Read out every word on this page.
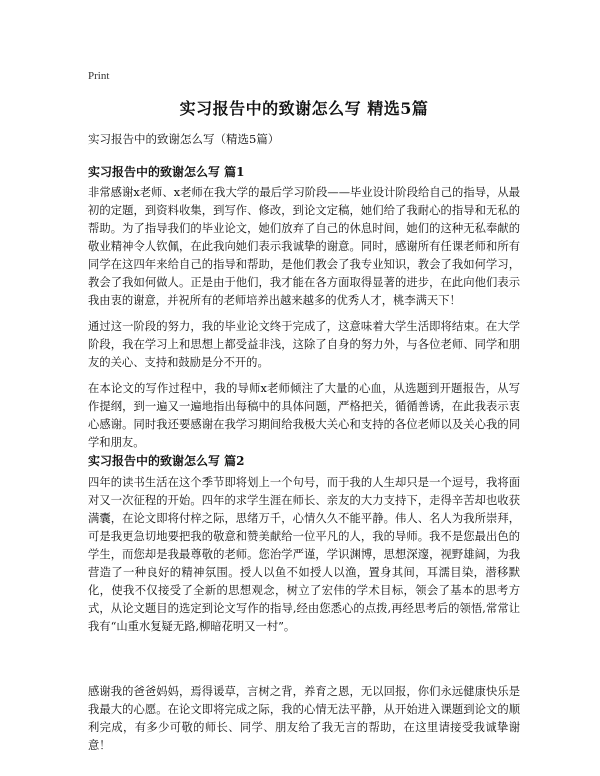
Print
实习报告中的致谢怎么写 精选5篇
实习报告中的致谢怎么写（精选5篇）
实习报告中的致谢怎么写 篇1

非常感谢x老师、x老师在我大学的最后学习阶段——毕业设计阶段给自己的指导，从最初的定题，到资料收集，到写作、修改，到论文定稿，她们给了我耐心的指导和无私的帮助。为了指导我们的毕业论文，她们放弃了自己的休息时间，她们的这种无私奉献的敬业精神令人钦佩，在此我向她们表示我诚挚的谢意。同时，感谢所有任课老师和所有同学在这四年来给自己的指导和帮助，是他们教会了我专业知识，教会了我如何学习，教会了我如何做人。正是由于他们，我才能在各方面取得显著的进步，在此向他们表示我由衷的谢意，并祝所有的老师培养出越来越多的优秀人才，桃李满天下！

通过这一阶段的努力，我的毕业论文终于完成了，这意味着大学生活即将结束。在大学阶段，我在学习上和思想上都受益非浅，这除了自身的努力外，与各位老师、同学和朋友的关心、支持和鼓励是分不开的。

在本论文的写作过程中，我的导师x老师倾注了大量的心血，从选题到开题报告，从写作提纲，到一遍又一遍地指出每稿中的具体问题，严格把关，循循善诱，在此我表示衷心感谢。同时我还要感谢在我学习期间给我极大关心和支持的各位老师以及关心我的同学和朋友。

实习报告中的致谢怎么写 篇2

四年的读书生活在这个季节即将划上一个句号，而于我的人生却只是一个逗号，我将面对又一次征程的开始。四年的求学生涯在师长、亲友的大力支持下，走得辛苦却也收获满囊，在论文即将付梓之际，思绪万千，心情久久不能平静。伟人、名人为我所崇拜，可是我更急切地要把我的敬意和赞美献给一位平凡的人，我的导师。我不是您最出色的学生，而您却是我最尊敬的老师。您治学严谨，学识渊博，思想深邃，视野雄阔，为我营造了一种良好的精神氛围。授人以鱼不如授人以渔，置身其间，耳濡目染，潜移默化，使我不仅接受了全新的思想观念，树立了宏伟的学术目标，领会了基本的思考方式，从论文题目的选定到论文写作的指导,经由您悉心的点拨,再经思考后的领悟,常常让我有“山重水复疑无路,柳暗花明又一村”。

感谢我的爸爸妈妈，焉得谖草，言树之背，养育之恩，无以回报，你们永远健康快乐是我最大的心愿。在论文即将完成之际，我的心情无法平静，从开始进入课题到论文的顺利完成，有多少可敬的师长、同学、朋友给了我无言的帮助，在这里请接受我诚挚谢意！
